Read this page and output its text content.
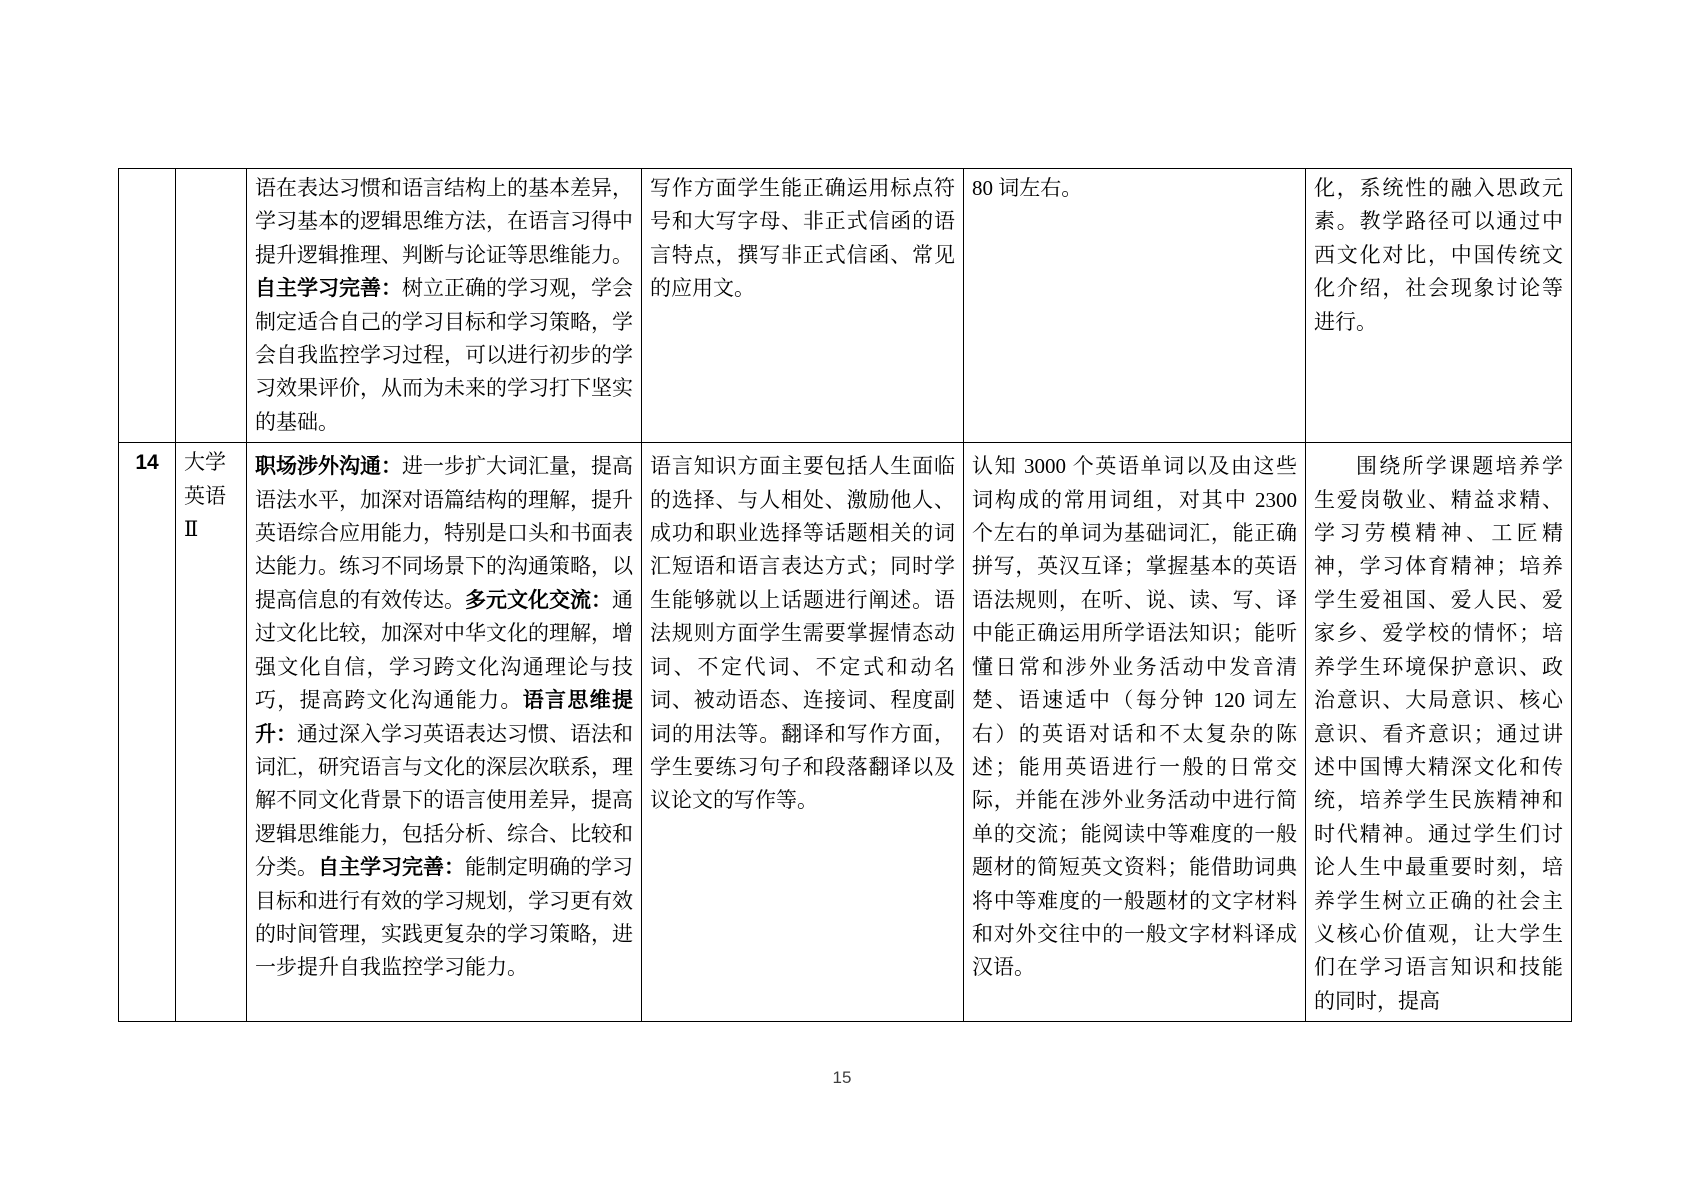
		语在表达习惯和语言结构上的基本差异，学习基本的逻辑思维方法，在语言习得中提升逻辑推理、判断与论证等思维能力。自主学习完善：树立正确的学习观，学会制定适合自己的学习目标和学习策略，学会自我监控学习过程，可以进行初步的学习效果评价，从而为未来的学习打下坚实的基础。	写作方面学生能正确运用标点符号和大写字母、非正式信函的语言特点，撰写非正式信函、常见的应用文。	80 词左右。	化，系统性的融入思政元素。教学路径可以通过中西文化对比，中国传统文化介绍，社会现象讨论等进行。
14	大学英语Ⅱ	职场涉外沟通：进一步扩大词汇量，提高语法水平，加深对语篇结构的理解，提升英语综合应用能力，特别是口头和书面表达能力。练习不同场景下的沟通策略，以提高信息的有效传达。多元文化交流：通过文化比较，加深对中华文化的理解，增强文化自信，学习跨文化沟通理论与技巧，提高跨文化沟通能力。语言思维提升：通过深入学习英语表达习惯、语法和词汇，研究语言与文化的深层次联系，理解不同文化背景下的语言使用差异，提高逻辑思维能力，包括分析、综合、比较和分类。自主学习完善：能制定明确的学习目标和进行有效的学习规划，学习更有效的时间管理，实践更复杂的学习策略，进一步提升自我监控学习能力。	语言知识方面主要包括人生面临的选择、与人相处、激励他人、成功和职业选择等话题相关的词汇短语和语言表达方式；同时学生能够就以上话题进行阐述。语法规则方面学生需要掌握情态动词、不定代词、不定式和动名词、被动语态、连接词、程度副词的用法等。翻译和写作方面，学生要练习句子和段落翻译以及议论文的写作等。	认知 3000 个英语单词以及由这些词构成的常用词组，对其中 2300 个左右的单词为基础词汇，能正确拼写，英汉互译；掌握基本的英语语法规则，在听、说、读、写、译中能正确运用所学语法知识；能听懂日常和涉外业务活动中发音清楚、语速适中（每分钟 120 词左右）的英语对话和不太复杂的陈述；能用英语进行一般的日常交际，并能在涉外业务活动中进行简单的交流；能阅读中等难度的一般题材的简短英文资料；能借助词典将中等难度的一般题材的文字材料和对外交往中的一般文字材料译成汉语。	围绕所学课题培养学生爱岗敬业、精益求精、学习劳模精神、工匠精神，学习体育精神；培养学生爱祖国、爱人民、爱家乡、爱学校的情怀；培养学生环境保护意识、政治意识、大局意识、核心意识、看齐意识；通过讲述中国博大精深文化和传统，培养学生民族精神和时代精神。通过学生们讨论人生中最重要时刻，培养学生树立正确的社会主义核心价值观，让大学生们在学习语言知识和技能的同时，提高
15
